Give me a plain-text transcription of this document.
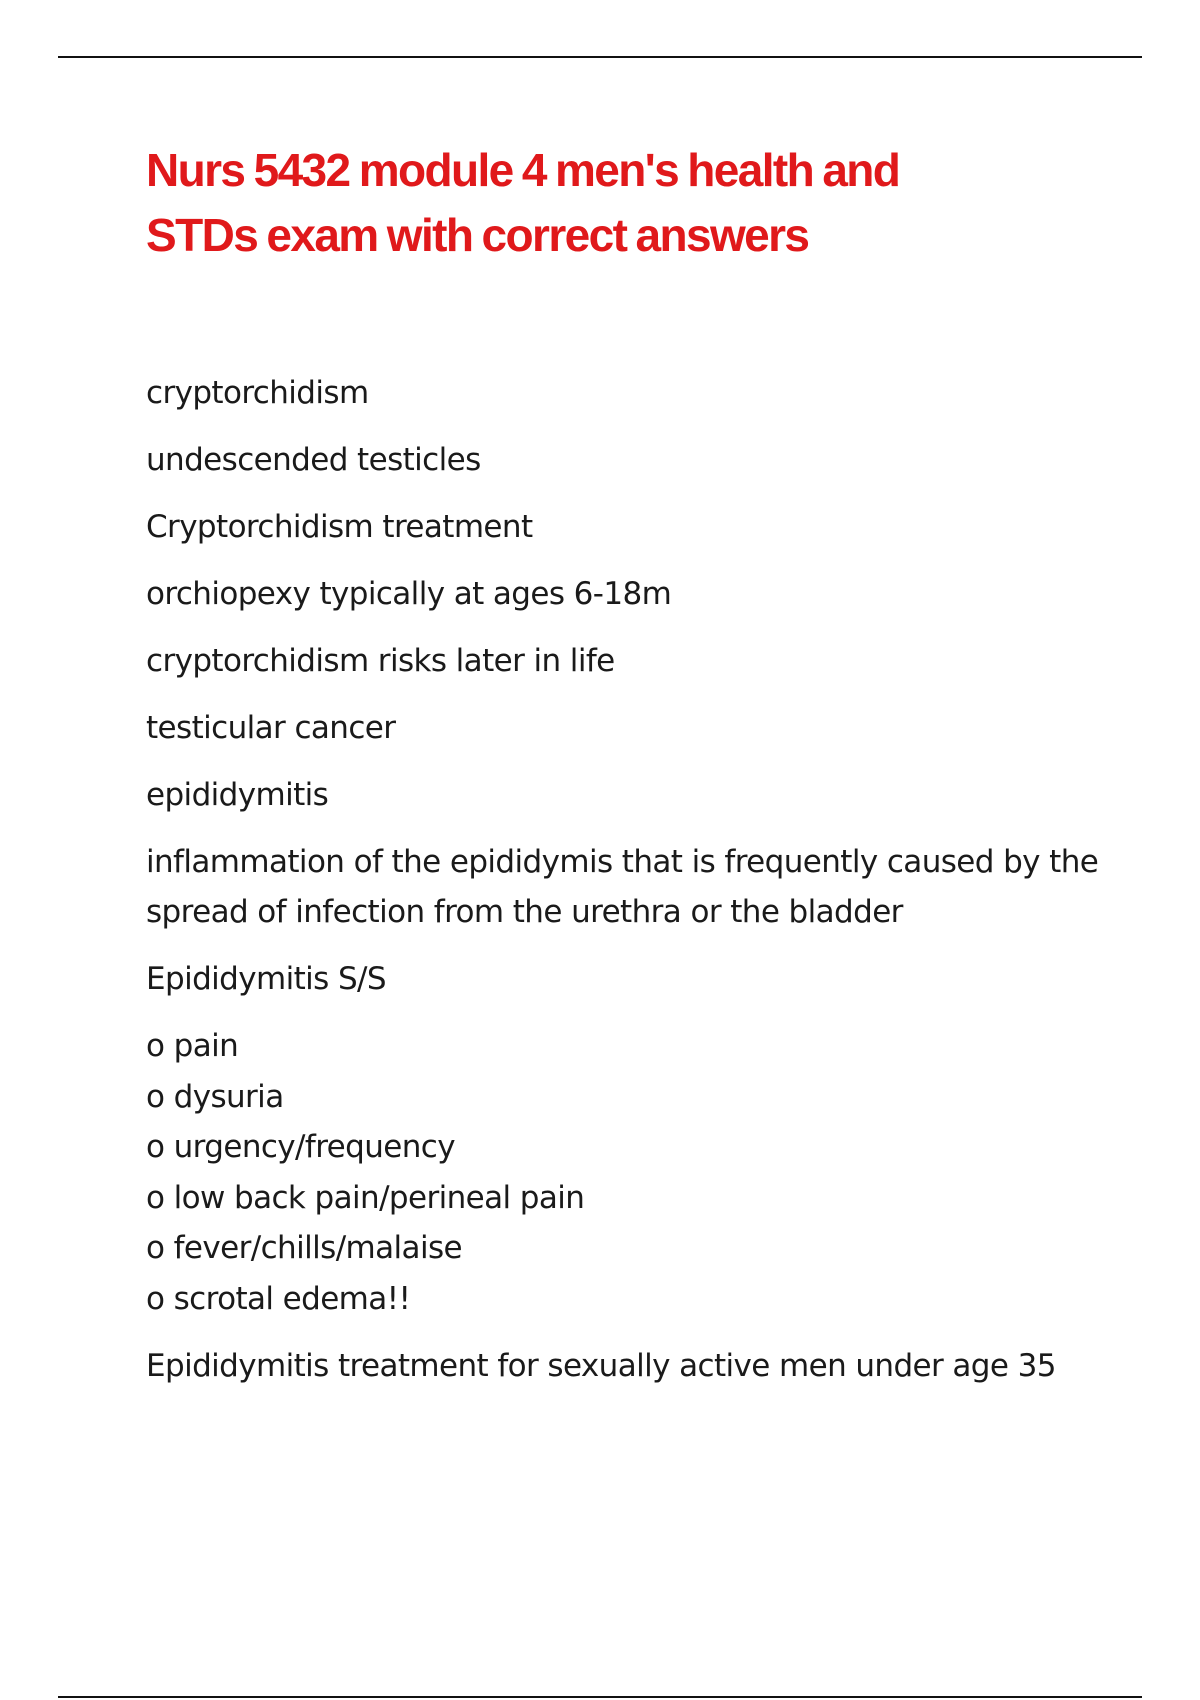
Nurs 5432 module 4 men's health and
STDs exam with correct answers

cryptorchidism

undescended testicles

Cryptorchidism treatment

orchiopexy typically at ages 6-18m

cryptorchidism risks later in life

testicular cancer

epididymitis

inflammation of the epididymis that is frequently caused by the spread of infection from the urethra or the bladder

Epididymitis S/S

o pain
o dysuria
o urgency/frequency
o low back pain/perineal pain
o fever/chills/malaise
o scrotal edema!!

Epididymitis treatment for sexually active men under age 35
